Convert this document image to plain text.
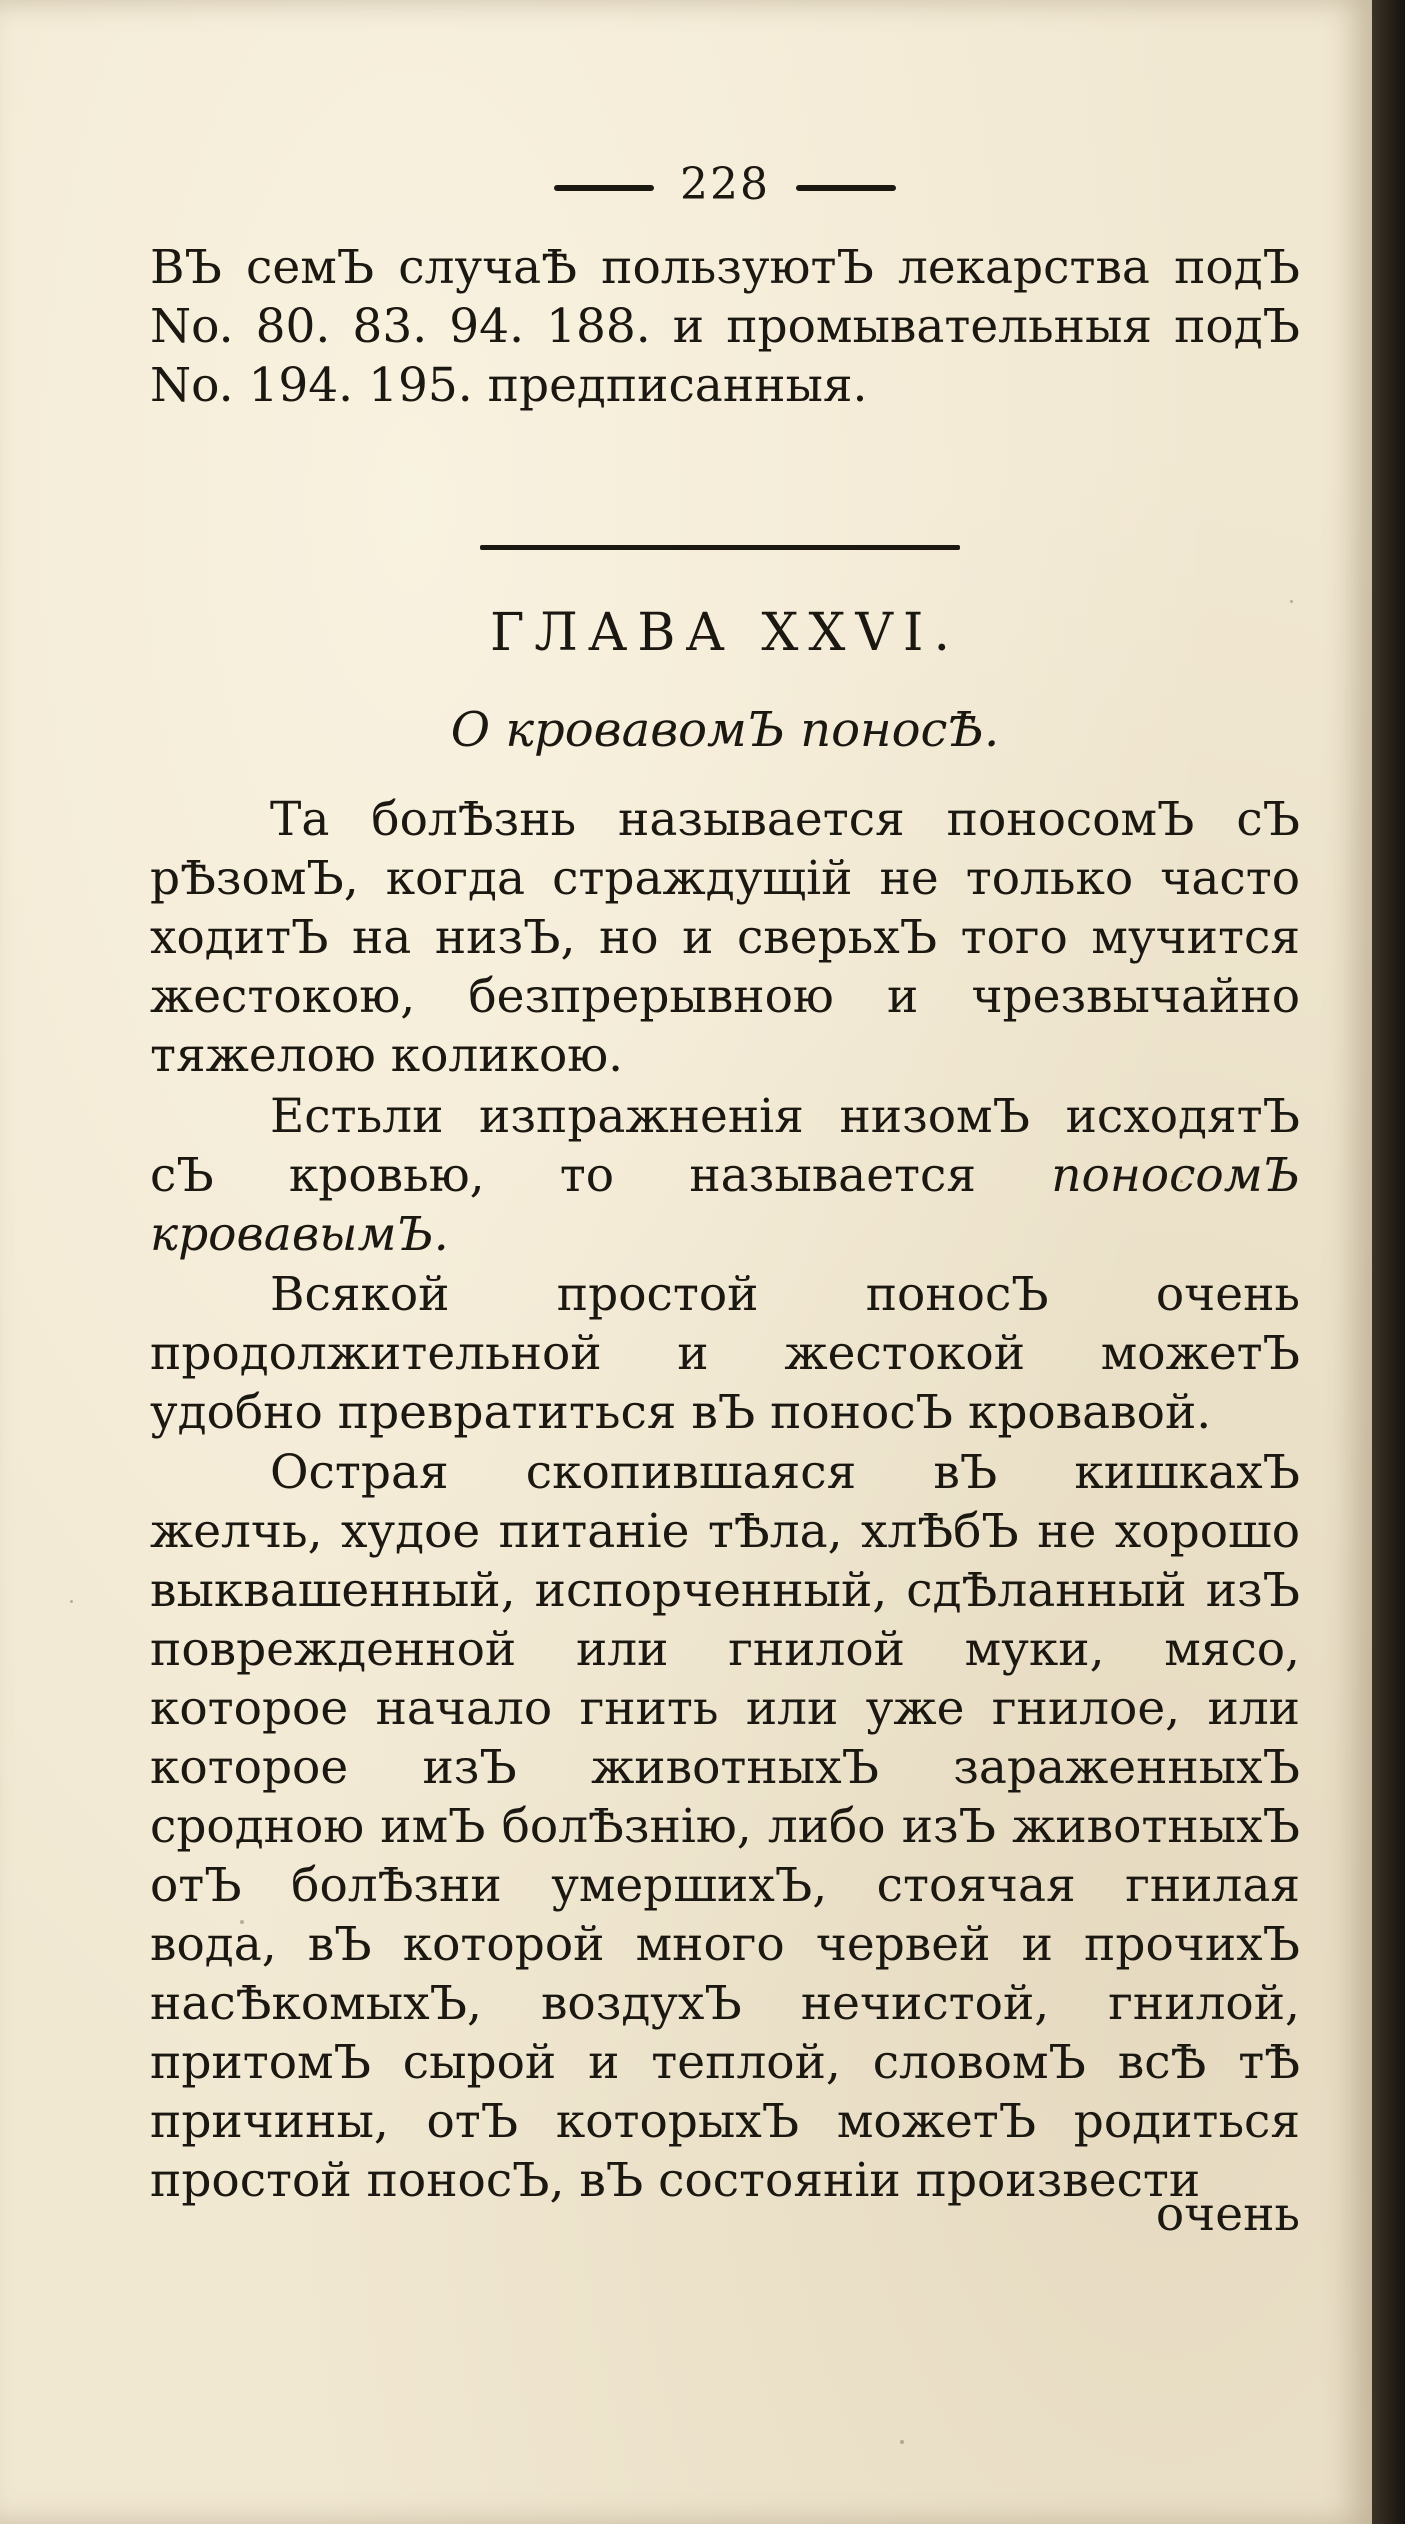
228

ВЪ семЪ случаѢ пользуютЪ лекарства подЪ No. 80. 83. 94. 188. и промывательныя подЪ No. 194. 195. предписанныя.

ГЛАВА XXVI.
О кровавомЪ поносѢ.

Та болѢзнь называется поносомЪ сЪ рѢзомЪ, когда страждущій не только часто ходитЪ на низЪ, но и сверьхЪ того мучится жестокою, безпрерывною и чрезвычайно тяжелою коликою.

Естьли изпражненія низомЪ исходятЪ сЪ кровью, то называется поносомЪ кровавымЪ.

Всякой простой поносЪ очень продолжительной и жестокой можетЪ удобно превратиться вЪ поносЪ кровавой.

Острая скопившаяся вЪ кишкахЪ желчь, худое питаніе тѢла, хлѢбЪ не хорошо выквашенный, испорченный, сдѢланный изЪ поврежденной или гнилой муки, мясо, которое начало гнить или уже гнилое, или которое изЪ животныхЪ зараженныхЪ сродною имЪ болѢзнію, либо изЪ животныхЪ отЪ болѢзни умершихЪ, стоячая гнилая вода, вЪ которой много червей и прочихЪ насѢкомыхЪ, воздухЪ нечистой, гнилой, притомЪ сырой и теплой, словомЪ всѢ тѢ причины, отЪ которыхЪ можетЪ родиться простой поносЪ, вЪ состояніи произвести

очень
